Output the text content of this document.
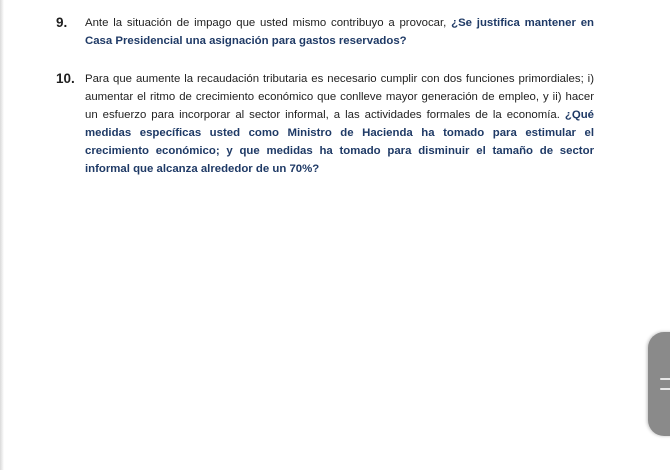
9.	Ante la situación de impago que usted mismo contribuyo a provocar, ¿Se justifica mantener en Casa Presidencial una asignación para gastos reservados?
10. Para que aumente la recaudación tributaria es necesario cumplir con dos funciones primordiales; i) aumentar el ritmo de crecimiento económico que conlleve mayor generación de empleo, y ii) hacer un esfuerzo para incorporar al sector informal, a las actividades formales de la economía. ¿Qué medidas específicas usted como Ministro de Hacienda ha tomado para estimular el crecimiento económico; y que medidas ha tomado para disminuir el tamaño de sector informal que alcanza alrededor de un 70%?
